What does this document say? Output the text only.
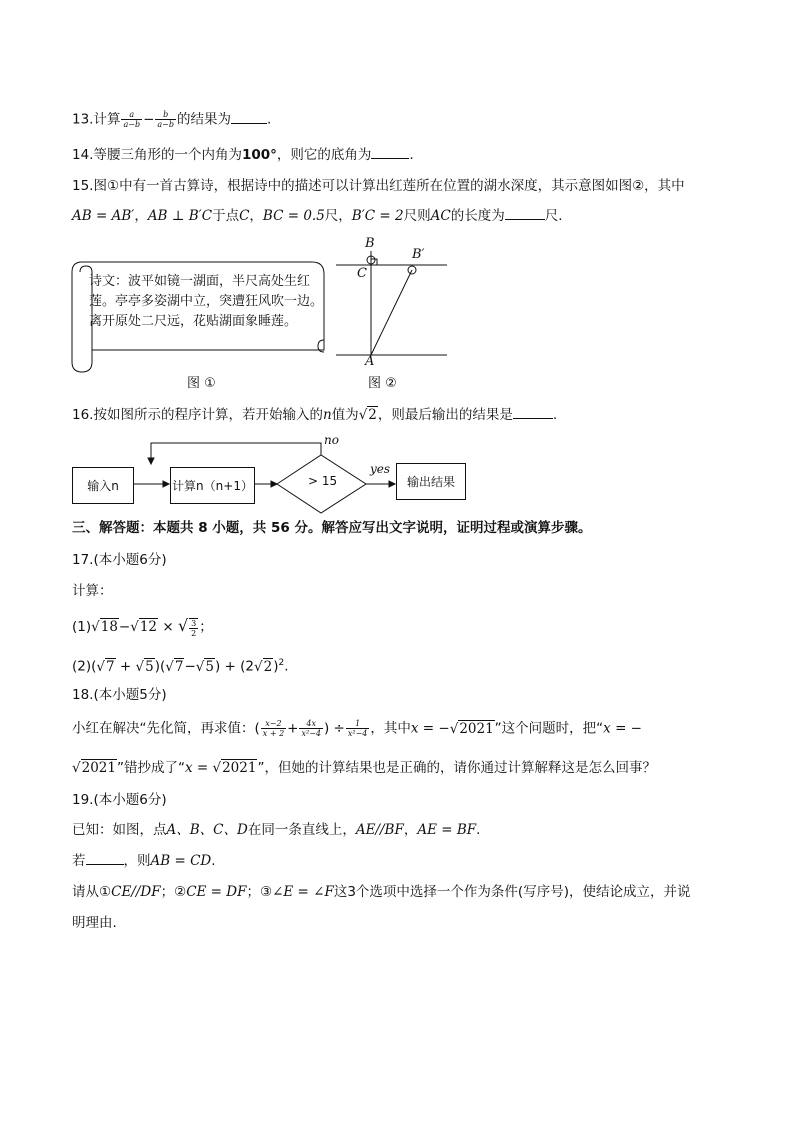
13.计算 $\frac{a}{a-b} - \frac{b}{a-b}$ 的结果为	.
14.等腰三角形的一个内角为100°，则它的底角为	.
15.图①中有一首古算诗，根据诗中的描述可以计算出红莲所在位置的湖水深度，其示意图如图②，其中
AB = AB′，AB ⊥ B′C于点C，BC = 0.5尺，B′C = 2尺则AC的长度为	尺.
诗文：波平如镜一湖面，半尺高处生红莲。亭亭多姿湖中立，突遭狂风吹一边。离开原处二尺远，花贴湖面象睡莲。
B
C
B′
A
图 ①	图 ②
16.按如图所示的程序计算，若开始输入的n值为√2，则最后输出的结果是	.
输入n	计算n（n+1）	> 15	输出结果
no
yes
三、解答题：本题共 8 小题，共 56 分。解答应写出文字说明，证明过程或演算步骤。
17.(本小题6分)
计算：
(1)√18−√12 × √ $\frac{3}{2}$ ；
$(2)(√7 + √5)(√7-√5) + (2√2)^2$.
18.(本小题5分)
小红在解决“先化简，再求值：( $\frac{x-2}{x + 2} + \frac{4x}{\text{x²−4}}$ ) ÷ $\frac{1}{\text{x²−4}}$ ，其中x = −√2021”这个问题时，把“x = −
√2021”错抄成了“x = √2021”，但她的计算结果也是正确的，请你通过计算解释这是怎么回事？
19.(本小题6分)
已知：如图，点A、B、C、D在同一条直线上，AE//BF，AE = BF.
若	，则AB = CD.
请从①CE//DF；②CE = DF；③∠E = ∠F这3个选项中选择一个作为条件(写序号)，使结论成立，并说
明理由.
